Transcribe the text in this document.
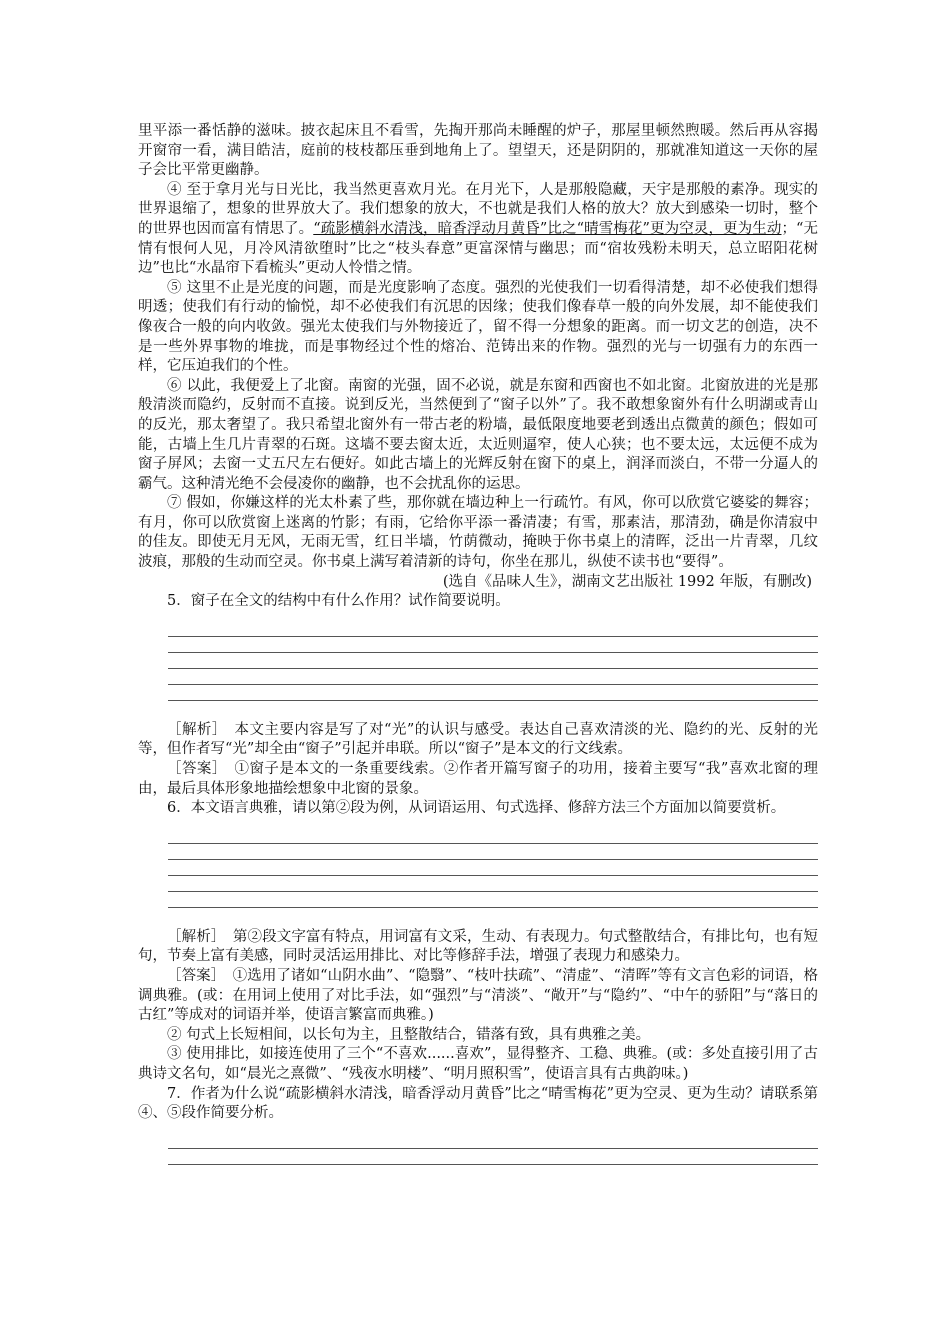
里平添一番恬静的滋味。披衣起床且不看雪，先掏开那尚未睡醒的炉子，那屋里顿然煦暖。然后再从容揭开窗帘一看，满目皓洁，庭前的枝枝都压垂到地角上了。望望天，还是阴阴的，那就准知道这一天你的屋子会比平常更幽静。

④ 至于拿月光与日光比，我当然更喜欢月光。在月光下，人是那般隐藏，天宇是那般的素净。现实的世界退缩了，想象的世界放大了。我们想象的放大，不也就是我们人格的放大？放大到感染一切时，整个的世界也因而富有情思了。“疏影横斜水清浅，暗香浮动月黄昏”比之“晴雪梅花”更为空灵，更为生动；“无情有恨何人见，月冷风清欲堕时”比之“枝头春意”更富深情与幽思；而“宿妆残粉未明天，总立昭阳花树边”也比“水晶帘下看梳头”更动人怜惜之情。

⑤ 这里不止是光度的问题，而是光度影响了态度。强烈的光使我们一切看得清楚，却不必使我们想得明透；使我们有行动的愉悦，却不必使我们有沉思的因缘；使我们像春草一般的向外发展，却不能使我们像夜合一般的向内收敛。强光太使我们与外物接近了，留不得一分想象的距离。而一切文艺的创造，决不是一些外界事物的堆拢，而是事物经过个性的熔冶、范铸出来的作物。强烈的光与一切强有力的东西一样，它压迫我们的个性。

⑥ 以此，我便爱上了北窗。南窗的光强，固不必说，就是东窗和西窗也不如北窗。北窗放进的光是那般清淡而隐约，反射而不直接。说到反光，当然便到了“窗子以外”了。我不敢想象窗外有什么明湖或青山的反光，那太奢望了。我只希望北窗外有一带古老的粉墙，最低限度地要老到透出点微黄的颜色；假如可能，古墙上生几片青翠的石斑。这墙不要去窗太近，太近则逼窄，使人心狭；也不要太远，太远便不成为窗子屏风；去窗一丈五尺左右便好。如此古墙上的光辉反射在窗下的桌上，润泽而淡白，不带一分逼人的霸气。这种清光绝不会侵凌你的幽静，也不会扰乱你的运思。

⑦ 假如，你嫌这样的光太朴素了些，那你就在墙边种上一行疏竹。有风，你可以欣赏它婆娑的舞容；有月，你可以欣赏窗上迷离的竹影；有雨，它给你平添一番清凄；有雪，那素洁，那清劲，确是你清寂中的佳友。即使无月无风，无雨无雪，红日半墙，竹荫微动，掩映于你书桌上的清晖，泛出一片青翠，几纹波痕，那般的生动而空灵。你书桌上满写着清新的诗句，你坐在那儿，纵使不读书也“要得”。

(选自《品味人生》，湖南文艺出版社 1992 年版，有删改)

5．窗子在全文的结构中有什么作用？试作简要说明。

［解析］　本文主要内容是写了对“光”的认识与感受。表达自己喜欢清淡的光、隐约的光、反射的光等，但作者写“光”却全由“窗子”引起并串联。所以“窗子”是本文的行文线索。

［答案］　①窗子是本文的一条重要线索。②作者开篇写窗子的功用，接着主要写“我”喜欢北窗的理由，最后具体形象地描绘想象中北窗的景象。

6．本文语言典雅，请以第②段为例，从词语运用、句式选择、修辞方法三个方面加以简要赏析。

［解析］　第②段文字富有特点，用词富有文采，生动、有表现力。句式整散结合，有排比句，也有短句，节奏上富有美感，同时灵活运用排比、对比等修辞手法，增强了表现力和感染力。

［答案］　①选用了诸如“山阴水曲”、“隐翳”、“枝叶扶疏”、“清虚”、“清晖”等有文言色彩的词语，格调典雅。(或：在用词上使用了对比手法，如“强烈”与“清淡”、“敞开”与“隐约”、“中午的骄阳”与“落日的古红”等成对的词语并举，使语言繁富而典雅。)

② 句式上长短相间，以长句为主，且整散结合，错落有致，具有典雅之美。

③ 使用排比，如接连使用了三个“不喜欢......喜欢”，显得整齐、工稳、典雅。(或：多处直接引用了古典诗文名句，如“晨光之熹微”、“残夜水明楼”、“明月照积雪”，使语言具有古典韵味。)

7．作者为什么说“疏影横斜水清浅，暗香浮动月黄昏”比之“晴雪梅花”更为空灵、更为生动？请联系第④、⑤段作简要分析。
